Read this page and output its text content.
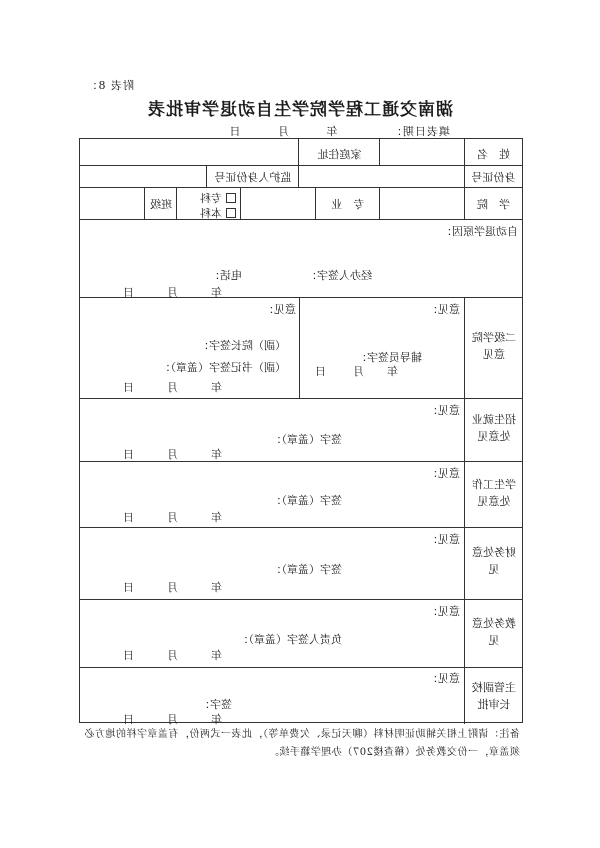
附表 8：
湖南交通工程学院学生自动退学审批表
填表日期： 年 月 日
姓　名
家庭住址
身份证号
监护人身份证号
学　院
专　业
专科
本科
班级
自动退学原因：
经办人签字：
电话：
年
月
日
二级学院意见
意见：
辅导员签字：
年
月
日
意见：
（副）院长签字：
（副）书记签字（盖章）：
年
月
日
招生就业处意见
意见：
签字（盖章）：
年
月
日
学生工作处意见
意见：
签字（盖章）：
年
月
日
财务处意见
意见：
签字（盖章）：
年
月
日
教务处意见
意见：
负责人签字（盖章）：
年
月
日
主管副校长审批
意见：
签字：
年
月
日
备注：请附上相关辅助证明材料（聊天记录、欠费单等），此表一式两份，有盖章字样的地方必须盖章，一份交教务处（稽查楼207）办理学籍手续。
